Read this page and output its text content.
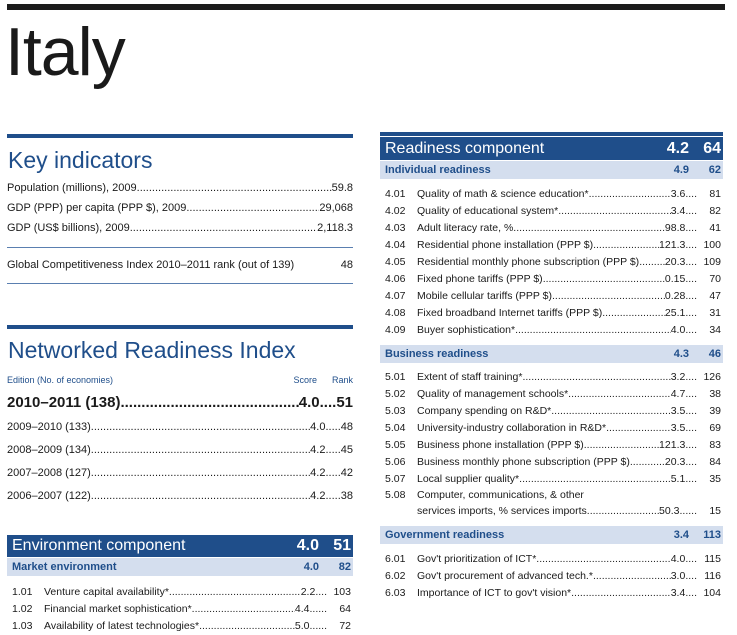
Italy
Key indicators
Population (millions), 2009 .....	59.8
GDP (PPP) per capita (PPP $), 2009 .....	29,068
GDP (US$ billions), 2009 .....	2,118.3
Global Competitiveness Index 2010–2011 rank (out of 139)	48
Networked Readiness Index
Edition (No. of economies)	Score	Rank
2010–2011 (138) .....	4.0 .... 51
2009–2010 (133) .....	4.0 ..... 48
2008–2009 (134) .....	4.2 ..... 45
2007–2008 (127) .....	4.2 ..... 42
2006–2007 (122) .....	4.2 ..... 38
Environment component	4.0 51
Market environment	4.0	82
1.01	Venture capital availability* .....	2.2 .... 103
1.02	Financial market sophistication* .....	4.4 ......	64
1.03	Availability of latest technologies* .....	5.0 ......	72
Readiness component	4.2 64
Individual readiness	4.9	62
4.01	Quality of math & science education* .....	3.6 ....	81
4.02	Quality of educational system* .....	3.4 ....	82
4.03	Adult literacy rate, % .....	98.8 ....	41
4.04	Residential phone installation (PPP $) .....	121.3 .... 100
4.05	Residential monthly phone subscription (PPP $) ..... 20.3 .... 109
4.06	Fixed phone tariffs (PPP $) .....	0.15 ....	70
4.07	Mobile cellular tariffs (PPP $) .....	0.28 ....	47
4.08	Fixed broadband Internet tariffs (PPP $) .....	25.1 ....	31
4.09	Buyer sophistication* .....	4.0 ....	34
Business readiness	4.3	46
5.01	Extent of staff training* .....	3.2 .... 126
5.02	Quality of management schools* .....	4.7 ....	38
5.03	Company spending on R&D* .....	3.5 ....	39
5.04	University-industry collaboration in R&D* .....	3.5 ....	69
5.05	Business phone installation (PPP $) .....	121.3 ....	83
5.06	Business monthly phone subscription (PPP $) .....	20.3 ....	84
5.07	Local supplier quality* .....	5.1 ....	35
5.08	Computer, communications, & other
services imports, % services imports .....	50.3 ......	15
Government readiness	3.4	113
6.01	Gov't prioritization of ICT* .....	4.0 .... 115
6.02	Gov't procurement of advanced tech.* .....	3.0 .... 116
6.03	Importance of ICT to gov't vision* .....	3.4 .... 104
